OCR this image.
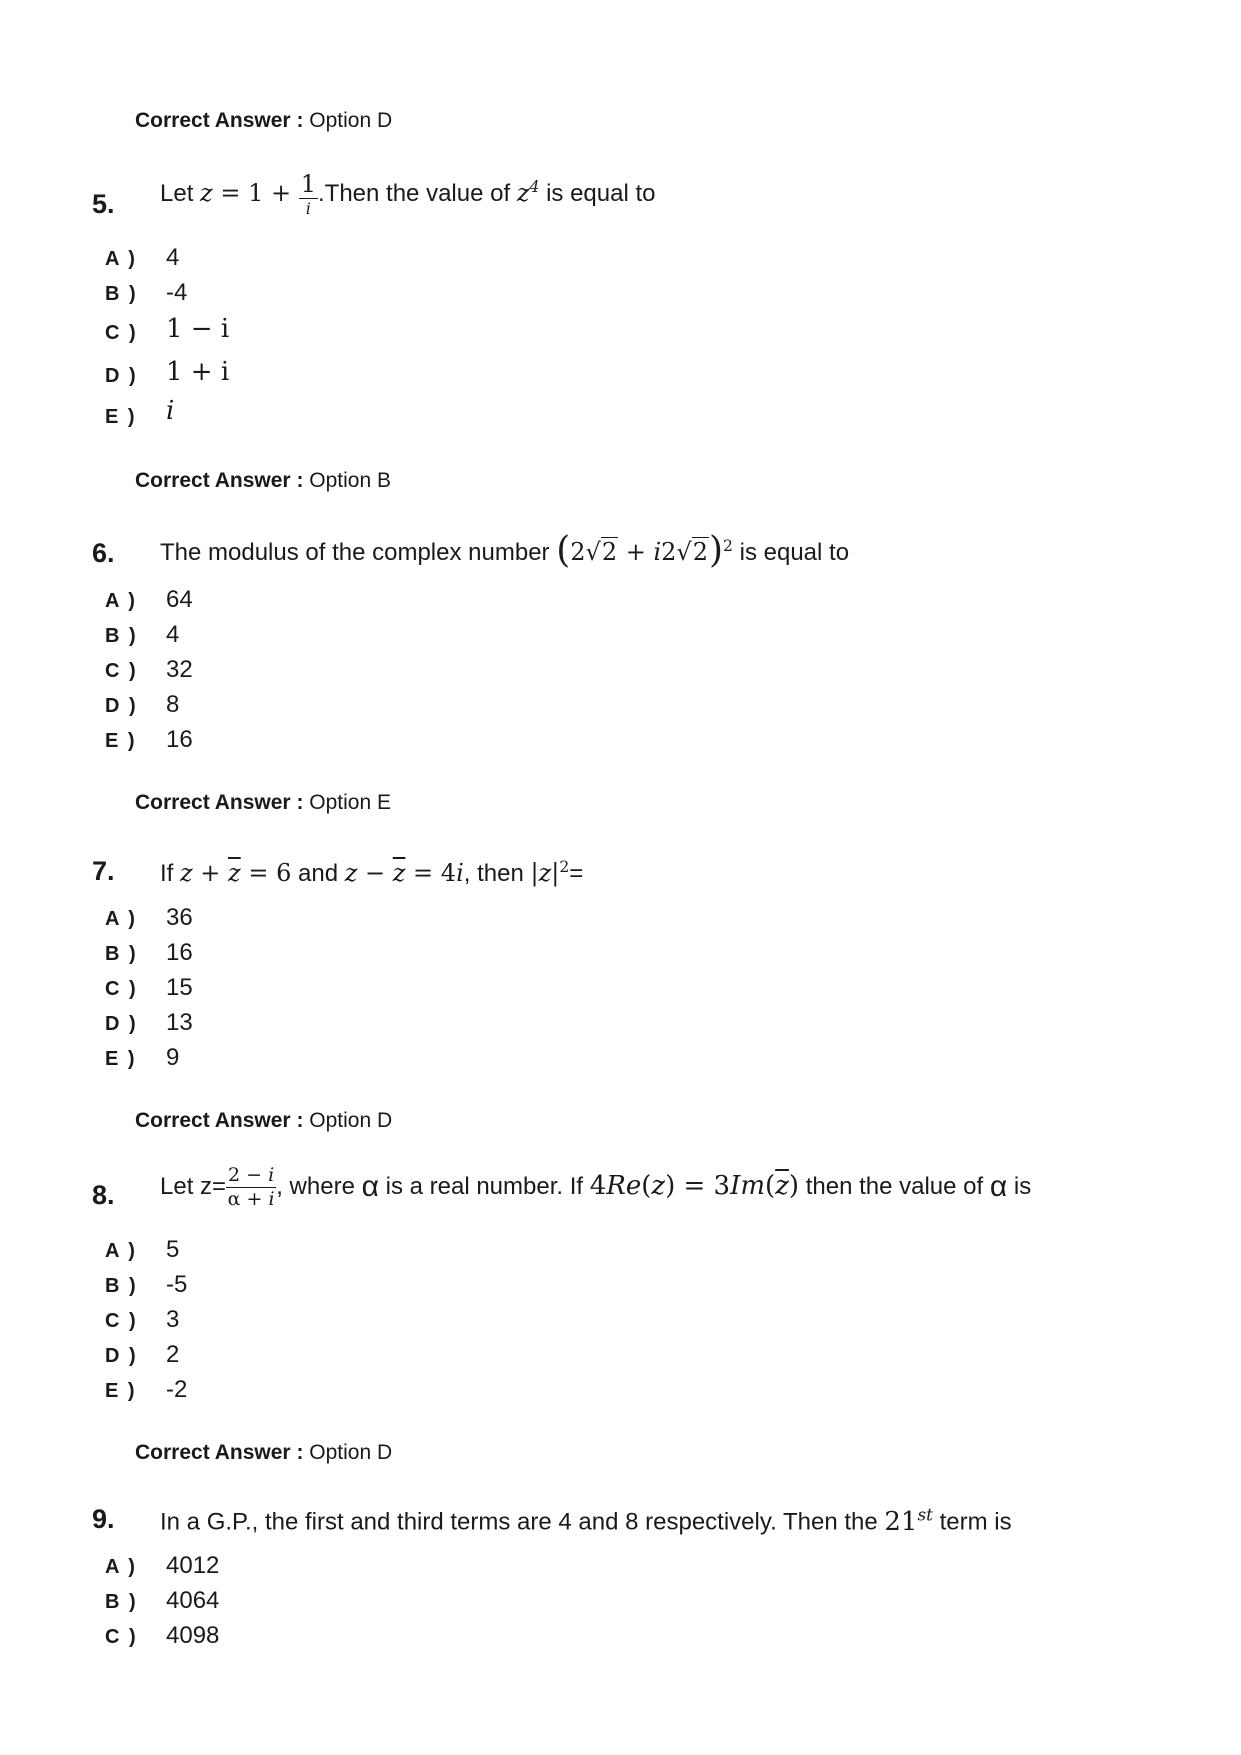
Correct Answer : Option D
5. Let $z = 1 + \frac{1}{i}$ .Then the value of $z^4$ is equal to
A ) 4
B ) -4
C ) 1 − i
D ) 1 + i
E ) i
Correct Answer : Option B
6. The modulus of the complex number $(2√2 + i2√2)^2$ is equal to
A ) 64
B ) 4
C ) 32
D ) 8
E ) 16
Correct Answer : Option E
7. If $z + \overline{z} = 6$ and $z - \overline{z} = 4i$, then $|z|^2=$
A ) 36
B ) 16
C ) 15
D ) 13
E ) 9
Correct Answer : Option D
8. Let $z= \frac{2 - i}{\alpha + i}$ , where α is a real number. If $4Re(z) = 3Im(\overline{z})$ then the value of α is
A ) 5
B ) -5
C ) 3
D ) 2
E ) -2
Correct Answer : Option D
9. In a G.P., the first and third terms are 4 and 8 respectively. Then the 21st term is
A ) 4012
B ) 4064
C ) 4098
